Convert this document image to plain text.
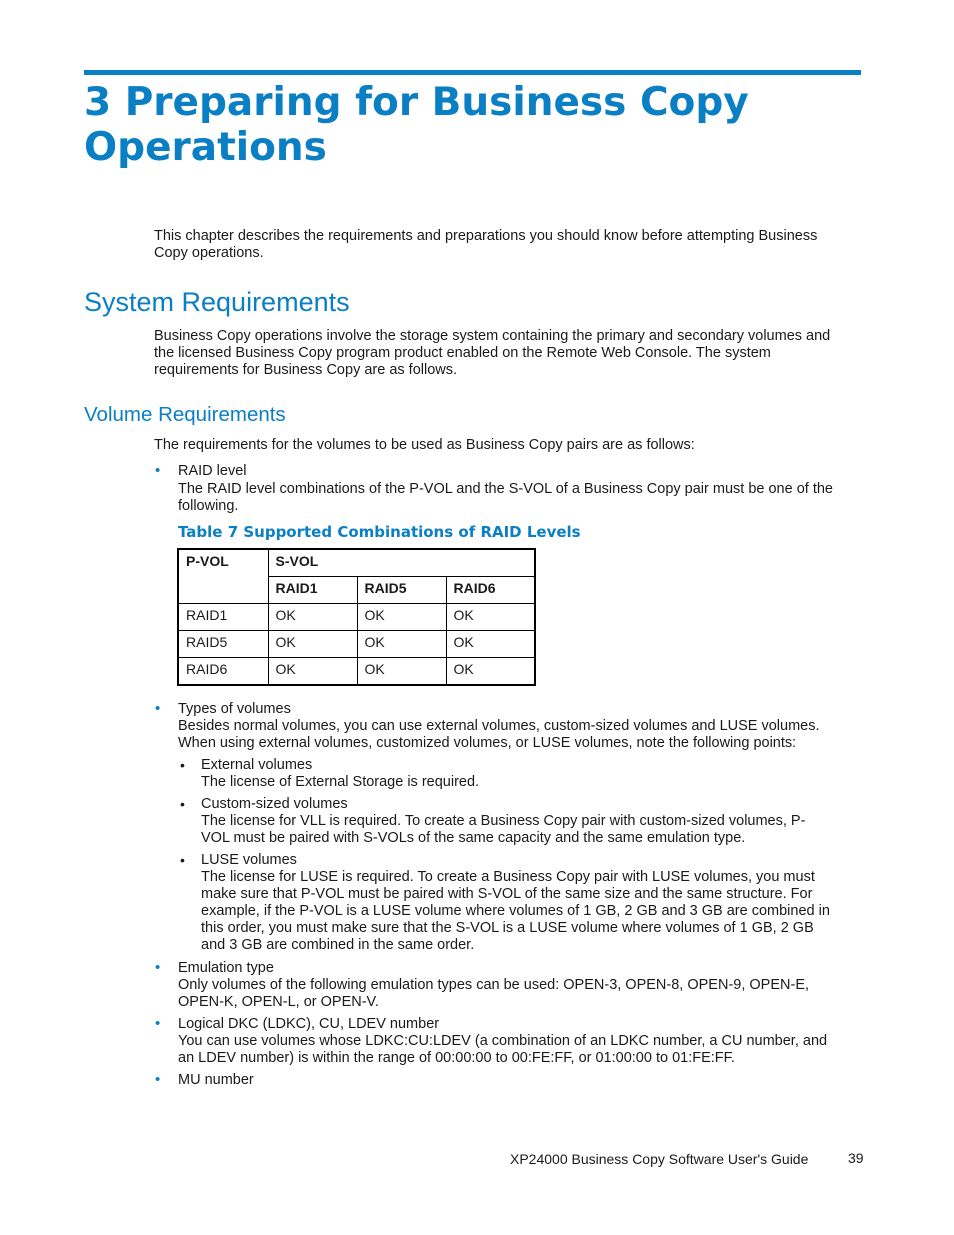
3 Preparing for Business Copy Operations

This chapter describes the requirements and preparations you should know before attempting Business Copy operations.

System Requirements

Business Copy operations involve the storage system containing the primary and secondary volumes and the licensed Business Copy program product enabled on the Remote Web Console. The system requirements for Business Copy are as follows.

Volume Requirements

The requirements for the volumes to be used as Business Copy pairs are as follows:

• RAID level

The RAID level combinations of the P-VOL and the S-VOL of a Business Copy pair must be one of the following.

Table 7 Supported Combinations of RAID Levels

P-VOL	S-VOL		
	RAID1	RAID5	RAID6
RAID1	OK	OK	OK
RAID5	OK	OK	OK
RAID6	OK	OK	OK
• Types of volumes

Besides normal volumes, you can use external volumes, custom-sized volumes and LUSE volumes. When using external volumes, customized volumes, or LUSE volumes, note the following points:

• External volumes

The license of External Storage is required.

• Custom-sized volumes

The license for VLL is required. To create a Business Copy pair with custom-sized volumes, P-VOL must be paired with S-VOLs of the same capacity and the same emulation type.

• LUSE volumes

The license for LUSE is required. To create a Business Copy pair with LUSE volumes, you must make sure that P-VOL must be paired with S-VOL of the same size and the same structure. For example, if the P-VOL is a LUSE volume where volumes of 1 GB, 2 GB and 3 GB are combined in this order, you must make sure that the S-VOL is a LUSE volume where volumes of 1 GB, 2 GB and 3 GB are combined in the same order.

• Emulation type

Only volumes of the following emulation types can be used: OPEN-3, OPEN-8, OPEN-9, OPEN-E, OPEN-K, OPEN-L, or OPEN-V.

• Logical DKC (LDKC), CU, LDEV number

You can use volumes whose LDKC:CU:LDEV (a combination of an LDKC number, a CU number, and an LDEV number) is within the range of 00:00:00 to 00:FE:FF, or 01:00:00 to 01:FE:FF.

• MU number

XP24000 Business Copy Software User's Guide	39
